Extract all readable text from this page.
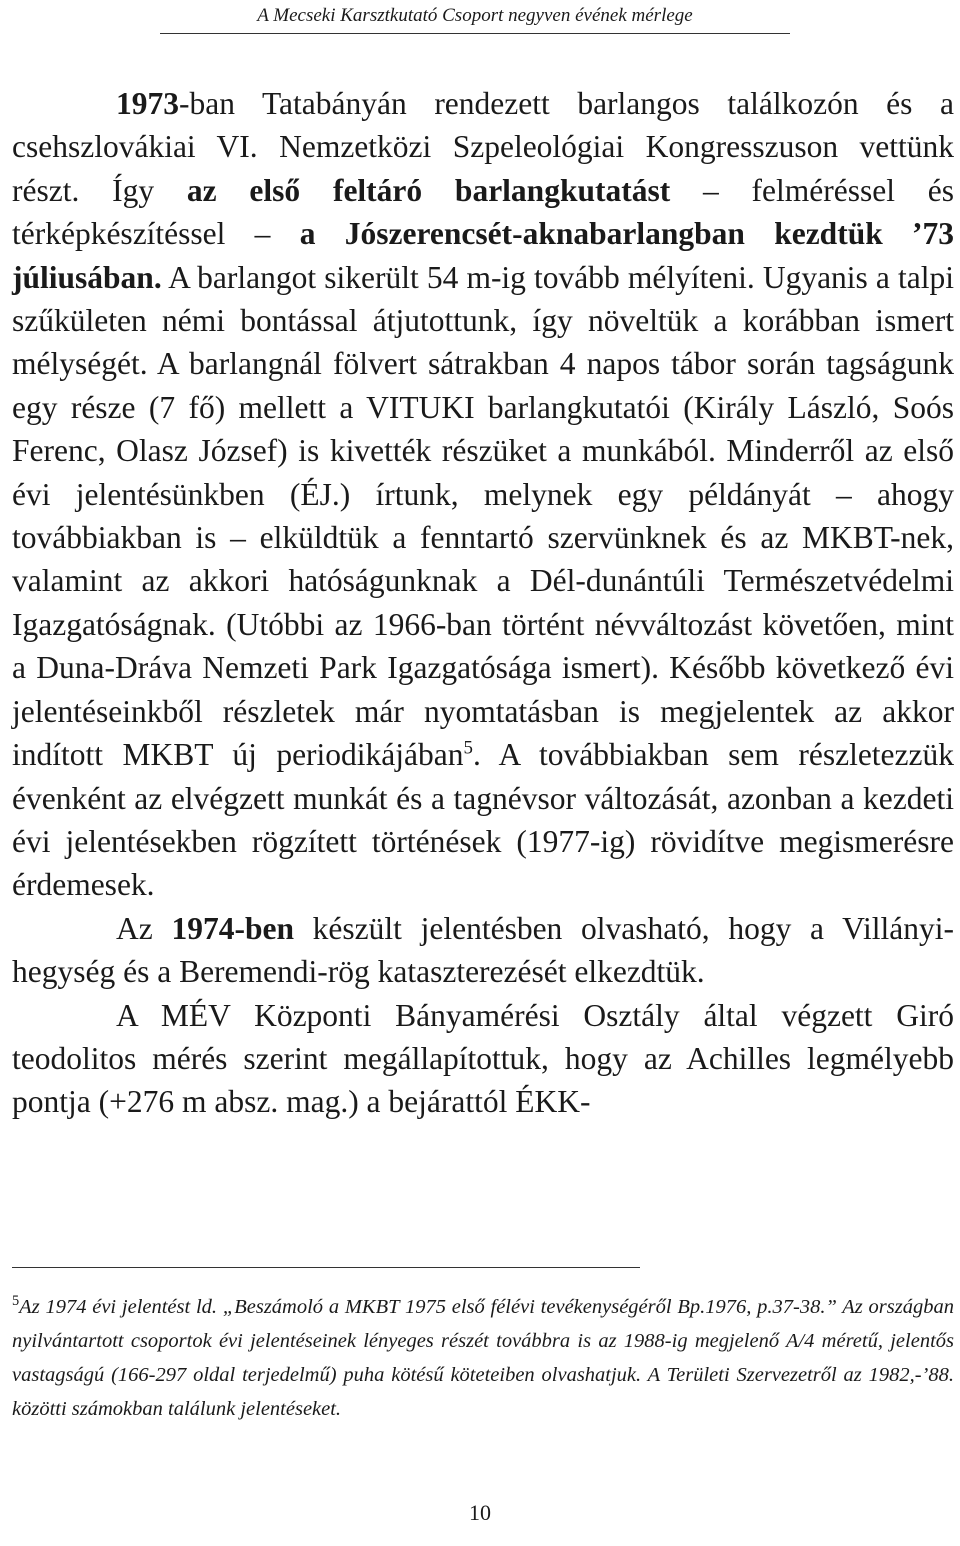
A Mecseki Karsztkutató Csoport negyven évének mérlege

1973-ban Tatabányán rendezett barlangos találkozón és a csehszlovákiai VI. Nemzetközi Szpeleológiai Kongresszuson vettünk részt. Így az első feltáró barlangkutatást – felméréssel és térképkészítéssel – a Jószerencsét-aknabarlangban kezdtük ’73 júliusában. A barlangot sikerült 54 m-ig tovább mélyíteni. Ugyanis a talpi szűkületen némi bontással átjutottunk, így növeltük a korábban ismert mélységét. A barlangnál fölvert sátrakban 4 napos tábor során tagságunk egy része (7 fő) mellett a VITUKI barlangkutatói (Király László, Soós Ferenc, Olasz József) is kivették részüket a munkából. Minderről az első évi jelentésünkben (ÉJ.) írtunk, melynek egy példányát – ahogy továbbiakban is – elküldtük a fenntartó szervünknek és az MKBT-nek, valamint az akkori hatóságunknak a Dél-dunántúli Természetvédelmi Igazgatóságnak. (Utóbbi az 1966-ban történt névváltozást követően, mint a Duna-Dráva Nemzeti Park Igazgatósága ismert). Később következő évi jelentéseinkből részletek már nyomtatásban is megjelentek az akkor indított MKBT új periodikájában$^5$. A továbbiakban sem részletezzük évenként az elvégzett munkát és a tagnévsor változását, azonban a kezdeti évi jelentésekben rögzített történések (1977-ig) rövidítve megismerésre érdemesek.

Az 1974-ben készült jelentésben olvasható, hogy a Villányi-hegység és a Beremendi-rög kataszterezését elkezdtük.

A MÉV Központi Bányamérési Osztály által végzett Giró teodolitos mérés szerint megállapítottuk, hogy az Achilles legmélyebb pontja (+276 m absz. mag.) a bejárattól ÉKK-

$^5$Az 1974 évi jelentést ld. „Beszámoló a MKBT 1975 első félévi tevékenységéről Bp.1976, p.37-38.” Az országban nyilvántartott csoportok évi jelentéseinek lényeges részét továbbra is az 1988-ig megjelenő A/4 méretű, jelentős vastagságú (166-297 oldal terjedelmű) puha kötésű köteteiben olvashatjuk. A Területi Szervezetről az 1982,-’88. közötti számokban találunk jelentéseket.
10
